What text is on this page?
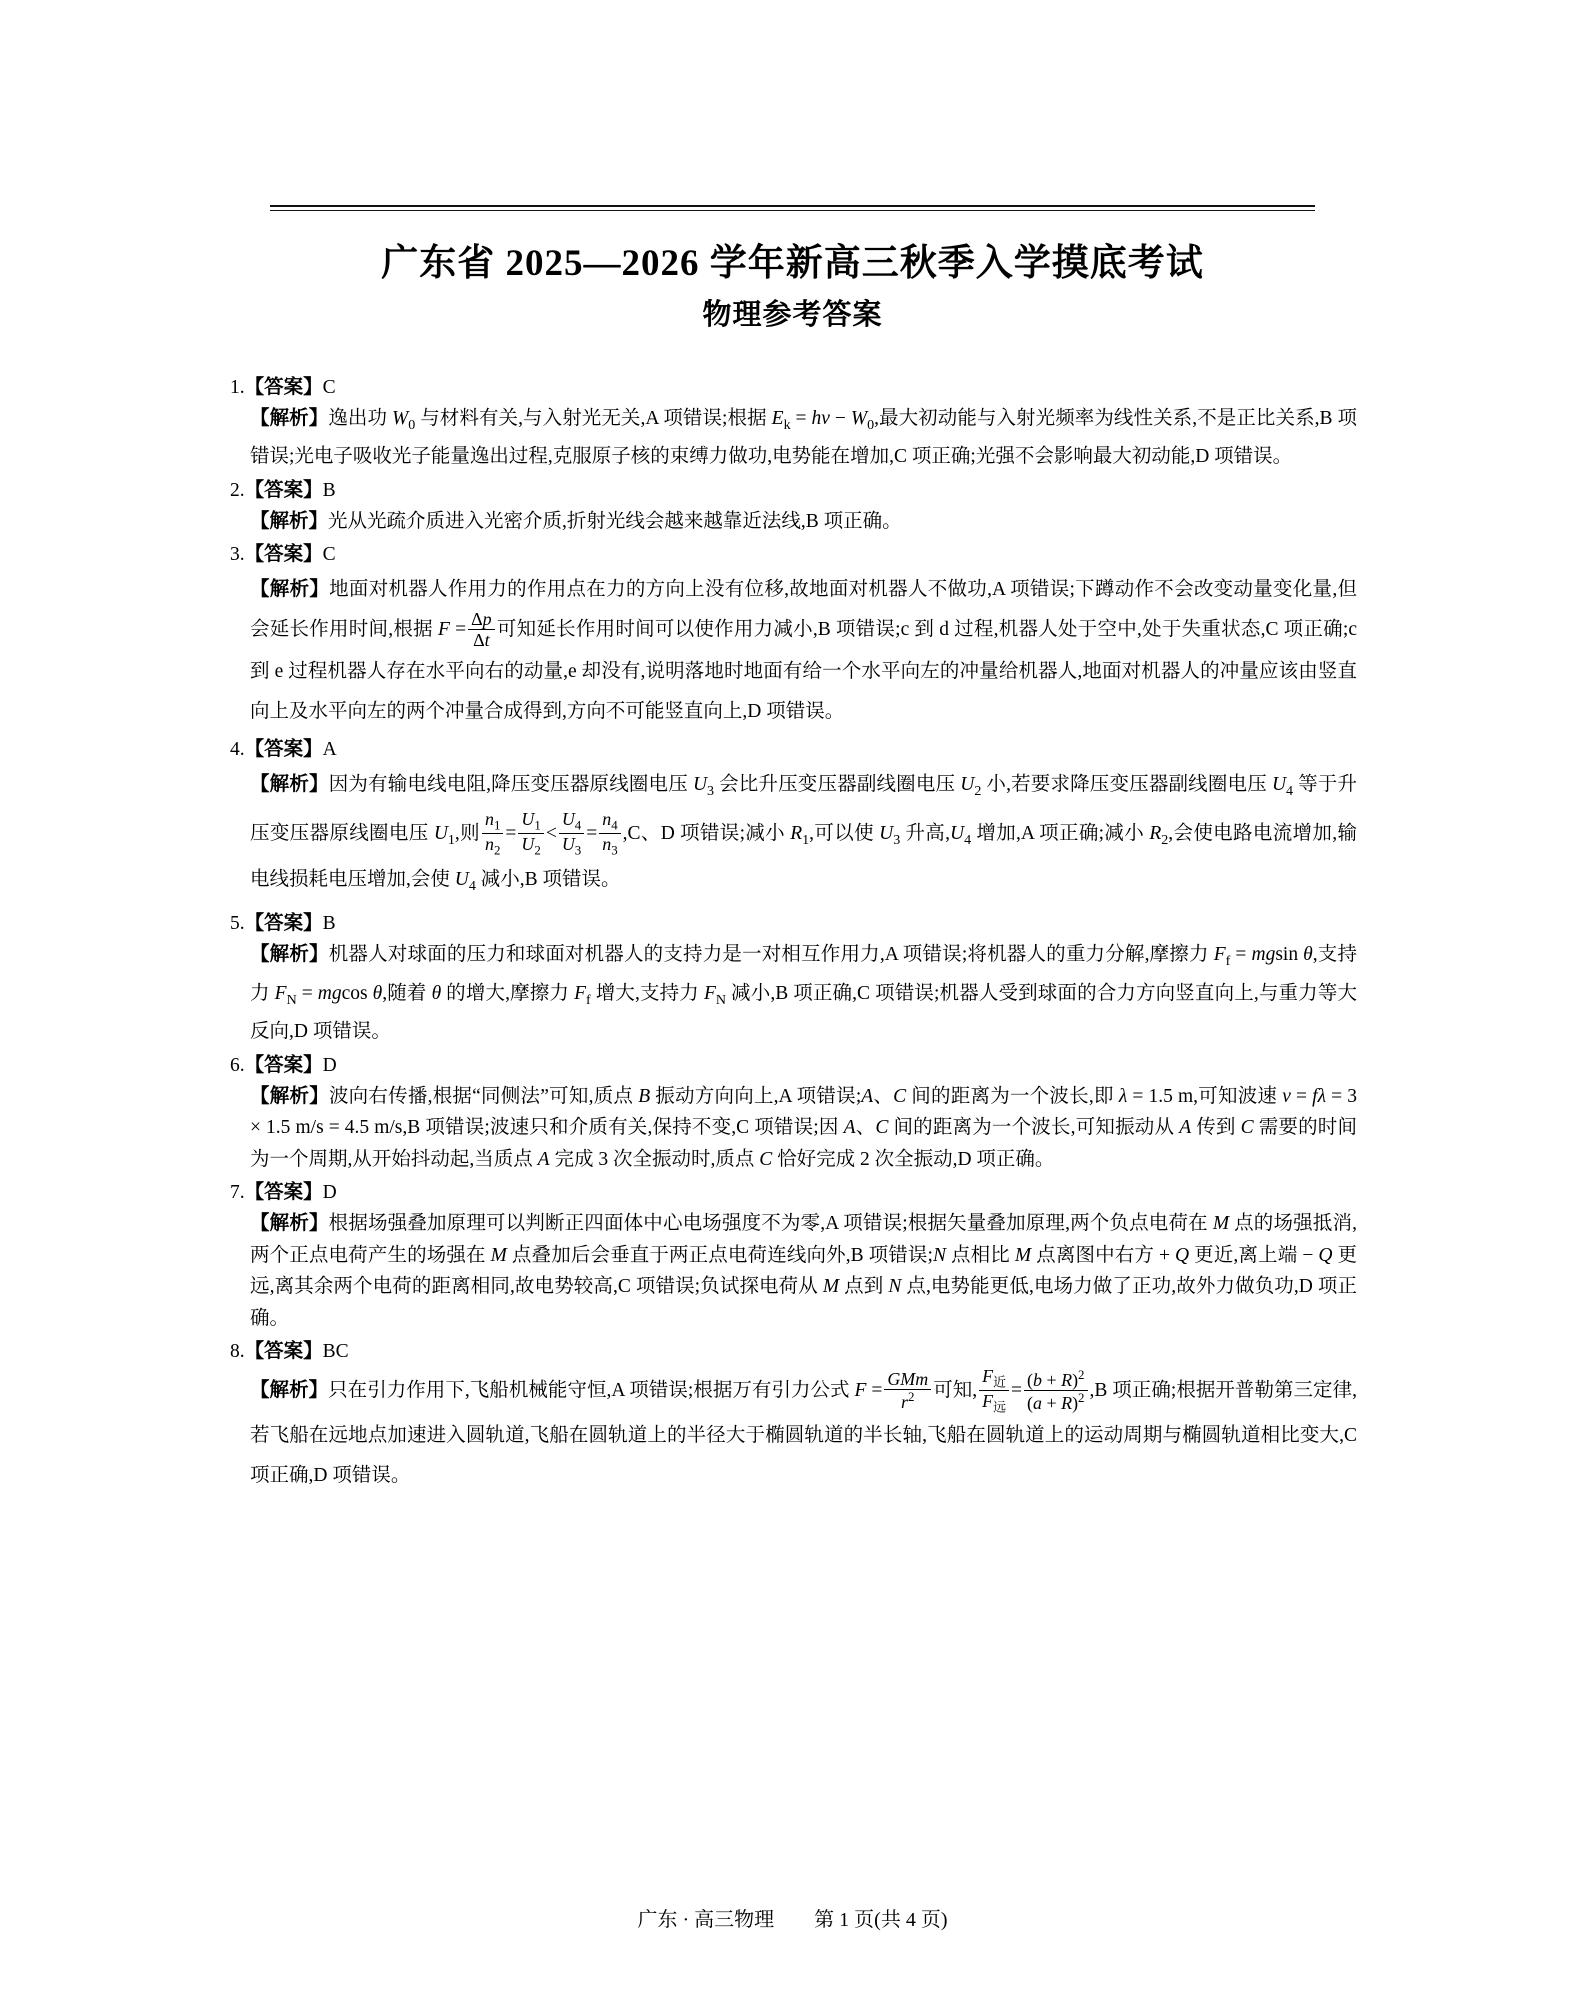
广东省 2025—2026 学年新高三秋季入学摸底考试
物理参考答案
1.【答案】C
【解析】逸出功 $W_0$ 与材料有关,与入射光无关,A 项错误;根据 $E_k = h\nu - W_0$,最大初动能与入射光频率为线性关系,不是正比关系,B 项错误;光电子吸收光子能量逸出过程,克服原子核的束缚力做功,电势能在增加,C 项正确;光强不会影响最大初动能,D 项错误。
2.【答案】B
【解析】光从光疏介质进入光密介质,折射光线会越来越靠近法线,B 项正确。
3.【答案】C
【解析】地面对机器人作用力的作用点在力的方向上没有位移,故地面对机器人不做功,A 项错误;下蹲动作不会改变动量变化量,但会延长作用时间,根据 $F = \frac{\Delta p}{\Delta t}$ 可知延长作用时间可以使作用力减小,B 项错误;c 到 d 过程,机器人处于空中,处于失重状态,C 项正确;c 到 e 过程机器人存在水平向右的动量,e 却没有,说明落地时地面有给一个水平向左的冲量给机器人,地面对机器人的冲量应该由竖直向上及水平向左的两个冲量合成得到,方向不可能竖直向上,D 项错误。
4.【答案】A
【解析】因为有输电线电阻,降压变压器原线圈电压 $U_3$ 会比升压变压器副线圈电压 $U_2$ 小,若要求降压变压器副线圈电压 $U_4$ 等于升压变压器原线圈电压 $U_1$,则 $\frac{n_1}{n_2} = \frac{U_1}{U_2} < \frac{U_4}{U_3} = \frac{n_4}{n_3} ,C$、D 项错误;减小 $R_1$,可以使 $U_3$ 升高$,U_4$ 增加,A 项正确;减小 $R_2$,会使电路电流增加,输电线损耗电压增加,会使 $U_4$ 减小,B 项错误。
5.【答案】B
【解析】机器人对球面的压力和球面对机器人的支持力是一对相互作用力,A 项错误;将机器人的重力分解,摩擦力 $F_f = mgsin$ θ,支持力 $F_N = mgcos$ θ,随着 θ 的增大,摩擦力 $F_f$ 增大,支持力 $F_N$ 减小,B 项正确,C 项错误;机器人受到球面的合力方向竖直向上,与重力等大反向,D 项错误。
6.【答案】D
【解析】波向右传播,根据“同侧法”可知,质点 B 振动方向向上,A 项错误;A、C 间的距离为一个波长,即 λ = 1.5 m,可知波速 v = fλ = 3 × 1.5 m/s = 4.5 m/s,B 项错误;波速只和介质有关,保持不变,C 项错误;因 A、C 间的距离为一个波长,可知振动从 A 传到 C 需要的时间为一个周期,从开始抖动起,当质点 A 完成 3 次全振动时,质点 C 恰好完成 2 次全振动,D 项正确。
7.【答案】D
【解析】根据场强叠加原理可以判断正四面体中心电场强度不为零,A 项错误;根据矢量叠加原理,两个负点电荷在 M 点的场强抵消,两个正点电荷产生的场强在 M 点叠加后会垂直于两正点电荷连线向外,B 项错误;N 点相比 M 点离图中右方 + Q 更近,离上端 − Q 更远,离其余两个电荷的距离相同,故电势较高,C 项错误;负试探电荷从 M 点到 N 点,电势能更低,电场力做了正功,故外力做负功,D 项正确。
8.【答案】BC
【解析】只在引力作用下,飞船机械能守恒,A 项错误;根据万有引力公式 $F = \frac{\text{GMm}}{r^2}$ 可知, $\frac{F_近}{F_远} = \frac{(b + R)^2}{(a + R)^2} ,B$ 项正确;根据开普勒第三定律,若飞船在远地点加速进入圆轨道,飞船在圆轨道上的半径大于椭圆轨道的半长轴,飞船在圆轨道上的运动周期与椭圆轨道相比变大,C 项正确,D 项错误。
广东 · 高三物理 第 1 页(共 4 页)
